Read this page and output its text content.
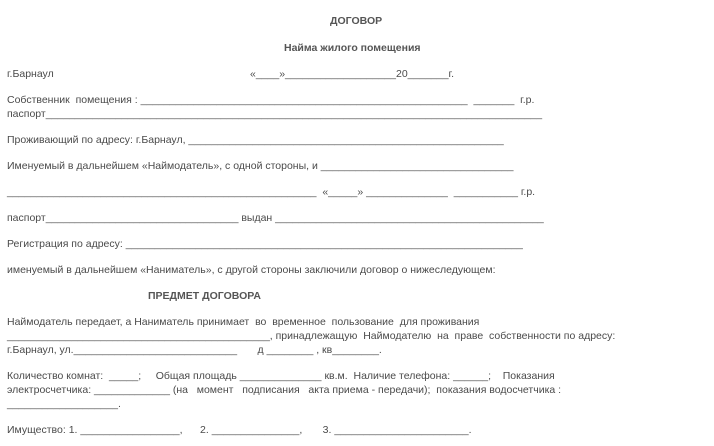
ДОГОВОР
Найма жилого помещения
г.Барнаул	«____»___________________20_______г.
Собственник  помещения : ________________________________________________________  _______  г.р.
паспорт_____________________________________________________________________________________
Проживающий по адресу: г.Барнаул, ______________________________________________________
Именуемый в дальнейшем «Наймодатель», с одной стороны, и _________________________________
_____________________________________________________  «_____» ______________  ___________ г.р.
паспорт_________________________________ выдан ______________________________________________
Регистрация по адресу: ____________________________________________________________________
именуемый в дальнейшем «Наниматель», с другой стороны заключили договор о нижеследующем:
ПРЕДМЕТ ДОГОВОРА
Наймодатель передает, а Наниматель принимает  во  временное  пользование  для проживания
_____________________________________________, принадлежащую  Наймодателю  на  праве  собственности по адресу:
г.Барнаул, ул.____________________________       д ________ , кв________.
Количество комнат:  _____;     Общая площадь ______________ кв.м.  Наличие телефона: ______;    Показания
электросчетчика: _____________ (на   момент   подписания   акта приема - передачи);  показания водосчетчика :
___________________.
Имущество: 1. _________________,      2. _______________,       3. _______________________.
